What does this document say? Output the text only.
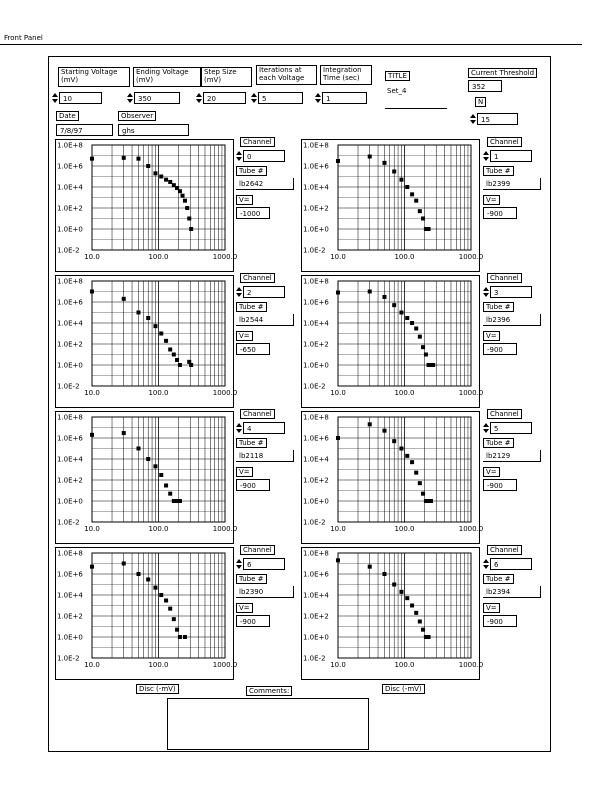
Front Panel
Starting Voltage (mV)
10
Ending Voltage (mV)
350
Step Size (mV)
20
Iterations at each Voltage
5
Integration Time (sec)
1
TITLE
Set_4
Current Threshold
352
N
15
Date
7/8/97
Observer
ghs
1.0E+8
1.0E+6
1.0E+4
1.0E+2
1.0E+0
1.0E-2
10.0	100.0	1000.0
1.0E+8
1.0E+6
1.0E+4
1.0E+2
1.0E+0
1.0E-2
10.0	100.0	1000.0
1.0E+8
1.0E+6
1.0E+4
1.0E+2
1.0E+0
1.0E-2
10.0	100.0	1000.0
1.0E+8
1.0E+6
1.0E+4
1.0E+2
1.0E+0
1.0E-2
10.0	100.0	1000.0
1.0E+8
1.0E+6
1.0E+4
1.0E+2
1.0E+0
1.0E-2
10.0	100.0	1000.0
1.0E+8
1.0E+6
1.0E+4
1.0E+2
1.0E+0
1.0E-2
10.0	100.0	1000.0
1.0E+8
1.0E+6
1.0E+4
1.0E+2
1.0E+0
1.0E-2
10.0	100.0	1000.0
1.0E+8
1.0E+6
1.0E+4
1.0E+2
1.0E+0
1.0E-2
10.0	100.0	1000.0
Channel
0
Tube #
lb2642
V=
-1000
Channel
1
Tube #
lb2399
V=
-900
Channel
2
Tube #
lb2544
V=
-650
Channel
3
Tube #
lb2396
V=
-900
Channel
4
Tube #
lb2118
V=
-900
Channel
5
Tube #
lb2129
V=
-900
Channel
6
Tube #
lb2390
V=
-900
Channel
6
Tube #
lb2394
V=
-900
Disc (-mV)	Disc (-mV)
Comments:
